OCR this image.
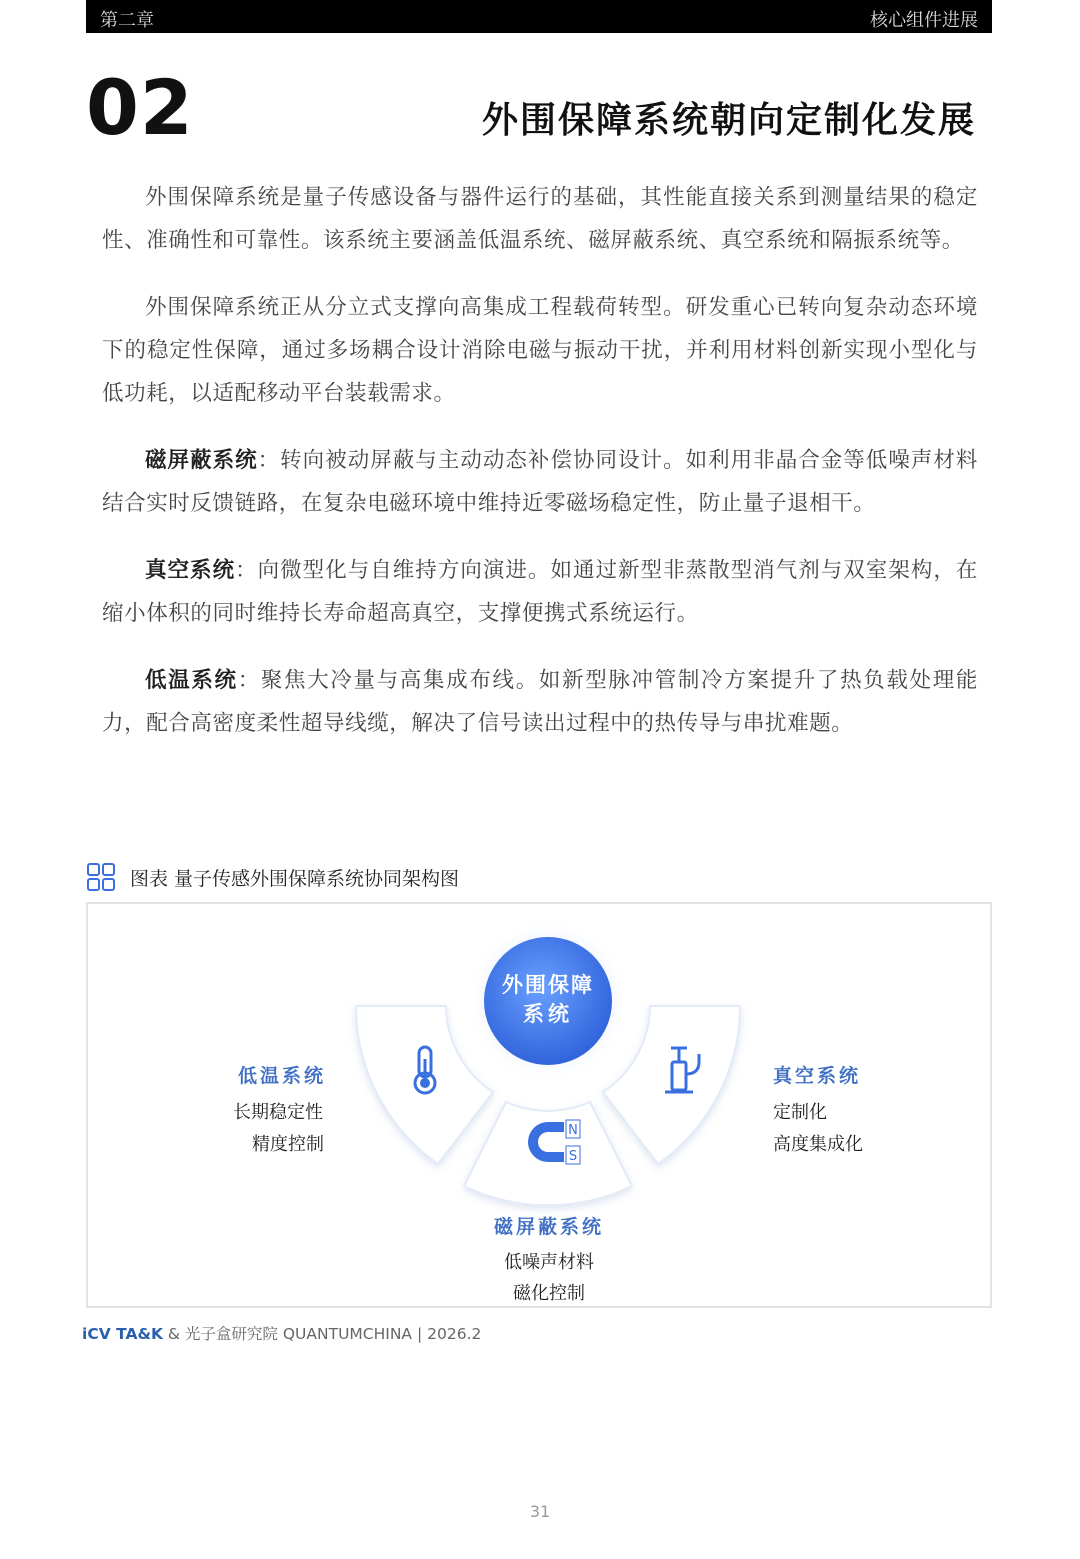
第二章	核心组件进展
02	外围保障系统朝向定制化发展

外围保障系统是量子传感设备与器件运行的基础，其性能直接关系到测量结果的稳定性、准确性和可靠性。该系统主要涵盖低温系统、磁屏蔽系统、真空系统和隔振系统等。

外围保障系统正从分立式支撑向高集成工程载荷转型。研发重心已转向复杂动态环境下的稳定性保障，通过多场耦合设计消除电磁与振动干扰，并利用材料创新实现小型化与低功耗，以适配移动平台装载需求。

磁屏蔽系统：转向被动屏蔽与主动动态补偿协同设计。如利用非晶合金等低噪声材料结合实时反馈链路，在复杂电磁环境中维持近零磁场稳定性，防止量子退相干。

真空系统：向微型化与自维持方向演进。如通过新型非蒸散型消气剂与双室架构，在缩小体积的同时维持长寿命超高真空，支撑便携式系统运行。

低温系统：聚焦大冷量与高集成布线。如新型脉冲管制冷方案提升了热负载处理能力，配合高密度柔性超导线缆，解决了信号读出过程中的热传导与串扰难题。

图表 量子传感外围保障系统协同架构图
外围保障
系统
N
S
低温系统
长期稳定性
精度控制
真空系统
定制化
高度集成化
磁屏蔽系统
低噪声材料
磁化控制
iCV TA&K & 光子盒研究院 QUANTUMCHINA | 2026.2
31
